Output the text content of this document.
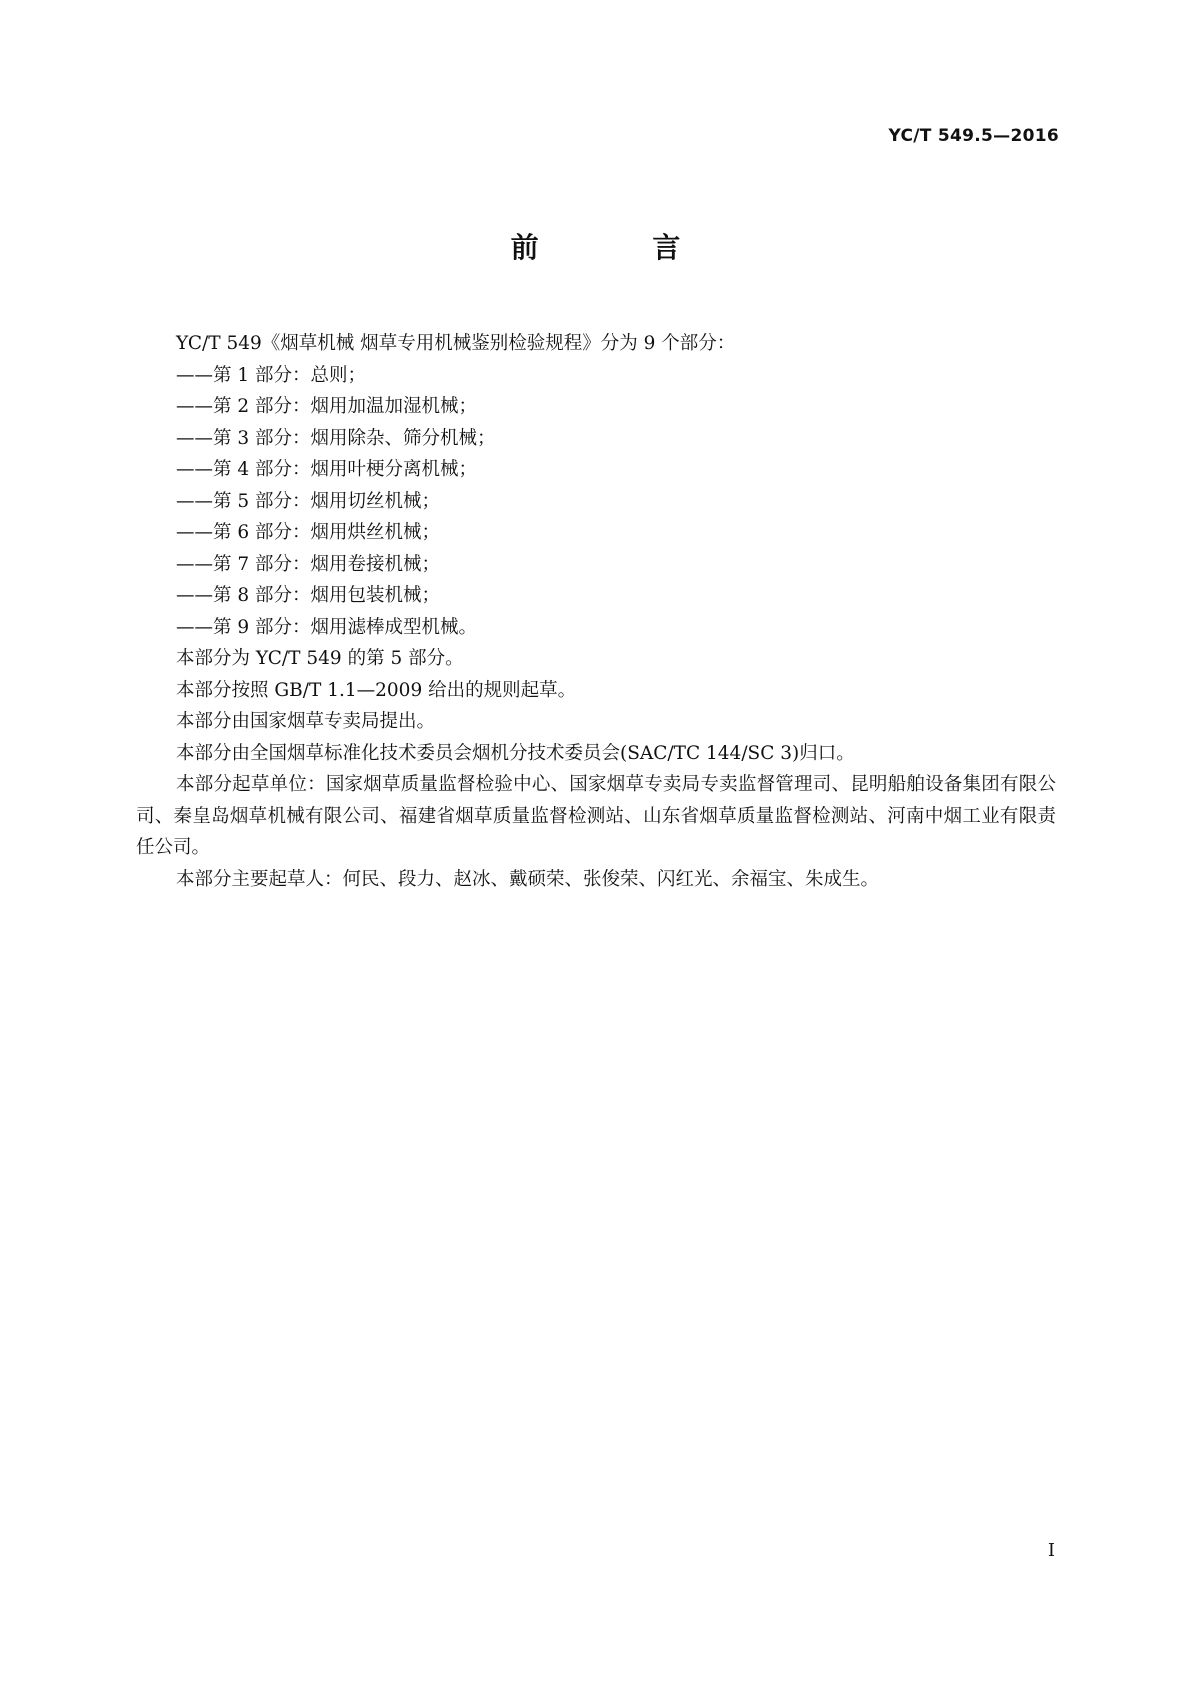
YC/T 549.5—2016
前 言

YC/T 549《烟草机械 烟草专用机械鉴别检验规程》分为 9 个部分：

——第 1 部分：总则；

——第 2 部分：烟用加温加湿机械；

——第 3 部分：烟用除杂、筛分机械；

——第 4 部分：烟用叶梗分离机械；

——第 5 部分：烟用切丝机械；

——第 6 部分：烟用烘丝机械；

——第 7 部分：烟用卷接机械；

——第 8 部分：烟用包装机械；

——第 9 部分：烟用滤棒成型机械。

本部分为 YC/T 549 的第 5 部分。

本部分按照 GB/T 1.1—2009 给出的规则起草。

本部分由国家烟草专卖局提出。

本部分由全国烟草标准化技术委员会烟机分技术委员会(SAC/TC 144/SC 3)归口。

本部分起草单位：国家烟草质量监督检验中心、国家烟草专卖局专卖监督管理司、昆明船舶设备集团有限公司、秦皇岛烟草机械有限公司、福建省烟草质量监督检测站、山东省烟草质量监督检测站、河南中烟工业有限责任公司。

本部分主要起草人：何民、段力、赵冰、戴硕荣、张俊荣、闪红光、余福宝、朱成生。

I
